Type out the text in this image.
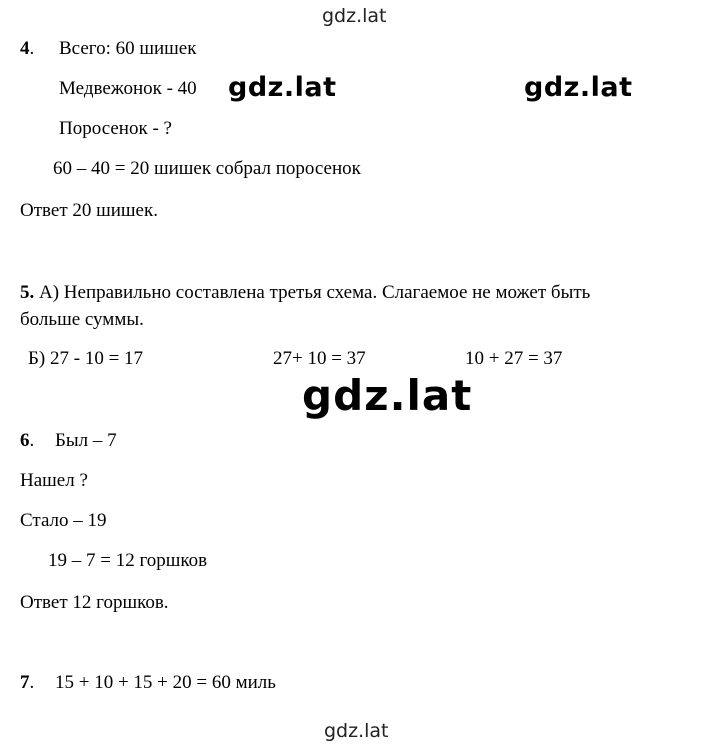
gdz.lat
4. Всего: 60 шишек
Медвежонок - 40	gdz.lat	gdz.lat
Поросенок - ?
60 – 40 = 20 шишек собрал поросенок
Ответ 20 шишек.
5. А) Неправильно составлена третья схема. Слагаемое не может быть
больше суммы.
Б) 27 - 10 = 17	27+ 10 = 37	10 + 27 = 37
gdz.lat
6. Был – 7
Нашел ?
Стало – 19
19 – 7 = 12 горшков
Ответ 12 горшков.
7. 15 + 10 + 15 + 20 = 60 миль
gdz.lat
